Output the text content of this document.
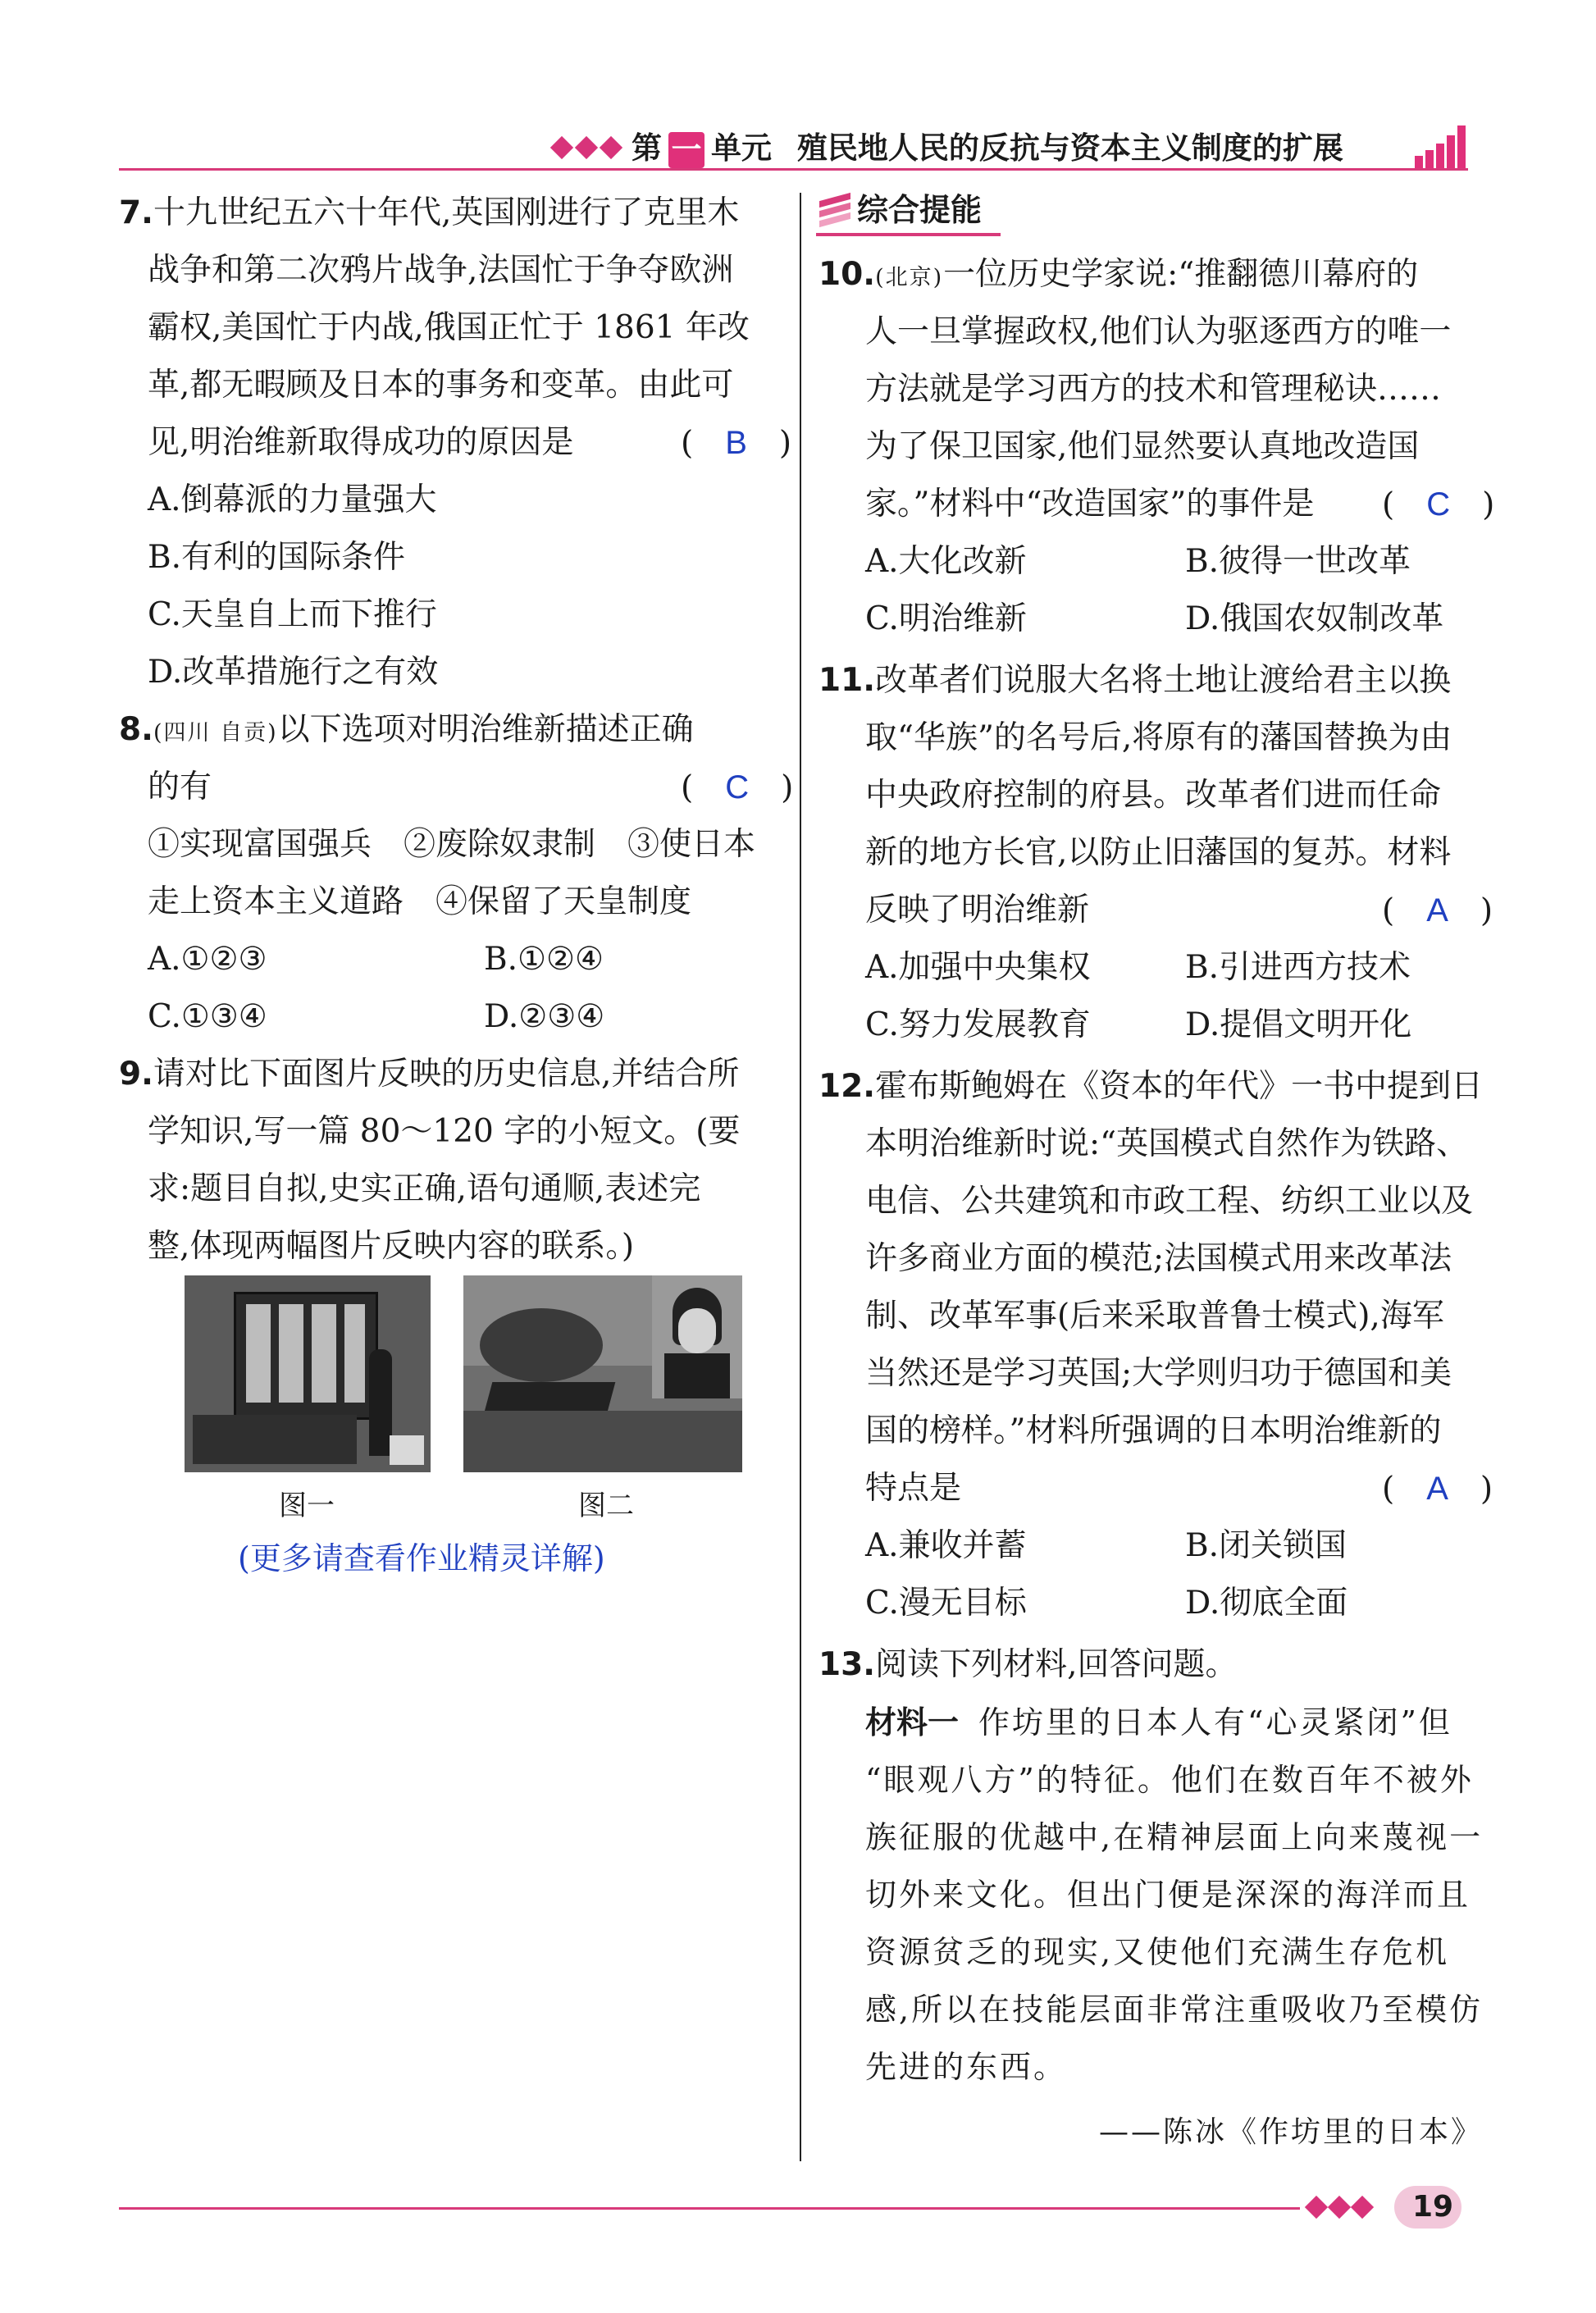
第 一 单元 殖民地人民的反抗与资本主义制度的扩展
7.十九世纪五六十年代,英国刚进行了克里木
战争和第二次鸦片战争,法国忙于争夺欧洲
霸权,美国忙于内战,俄国正忙于 1861 年改
革,都无暇顾及日本的事务和变革。由此可
见,明治维新取得成功的原因是	(　B　)
A.倒幕派的力量强大
B.有利的国际条件
C.天皇自上而下推行
D.改革措施行之有效
8.(四川 自贡)以下选项对明治维新描述正确
的有	(　C　)
①实现富国强兵　②废除奴隶制　③使日本
走上资本主义道路　④保留了天皇制度
A.①②③	B.①②④
C.①③④	D.②③④
9.请对比下面图片反映的历史信息,并结合所
学知识,写一篇 80～120 字的小短文。(要
求:题目自拟,史实正确,语句通顺,表述完
整,体现两幅图片反映内容的联系。)
图一	图二
(更多请查看作业精灵详解)
综合提能
10.(北京)一位历史学家说:“推翻德川幕府的
人一旦掌握政权,他们认为驱逐西方的唯一
方法就是学习西方的技术和管理秘诀……
为了保卫国家,他们显然要认真地改造国
家。”材料中“改造国家”的事件是 (　C　)
A.大化改新	B.彼得一世改革
C.明治维新	D.俄国农奴制改革
11.改革者们说服大名将土地让渡给君主以换
取“华族”的名号后,将原有的藩国替换为由
中央政府控制的府县。改革者们进而任命
新的地方长官,以防止旧藩国的复苏。材料
反映了明治维新	(　A　)
A.加强中央集权	B.引进西方技术
C.努力发展教育	D.提倡文明开化
12.霍布斯鲍姆在《资本的年代》一书中提到日
本明治维新时说:“英国模式自然作为铁路、
电信、公共建筑和市政工程、纺织工业以及
许多商业方面的模范;法国模式用来改革法
制、改革军事(后来采取普鲁士模式),海军
当然还是学习英国;大学则归功于德国和美
国的榜样。”材料所强调的日本明治维新的
特点是	(　A　)
A.兼收并蓄	B.闭关锁国
C.漫无目标	D.彻底全面
13.阅读下列材料,回答问题。
材料一 作坊里的日本人有“心灵紧闭”但
“眼观八方”的特征。他们在数百年不被外
族征服的优越中,在精神层面上向来蔑视一
切外来文化。但出门便是深深的海洋而且
资源贫乏的现实,又使他们充满生存危机
感,所以在技能层面非常注重吸收乃至模仿
先进的东西。
——陈冰《作坊里的日本》
19
